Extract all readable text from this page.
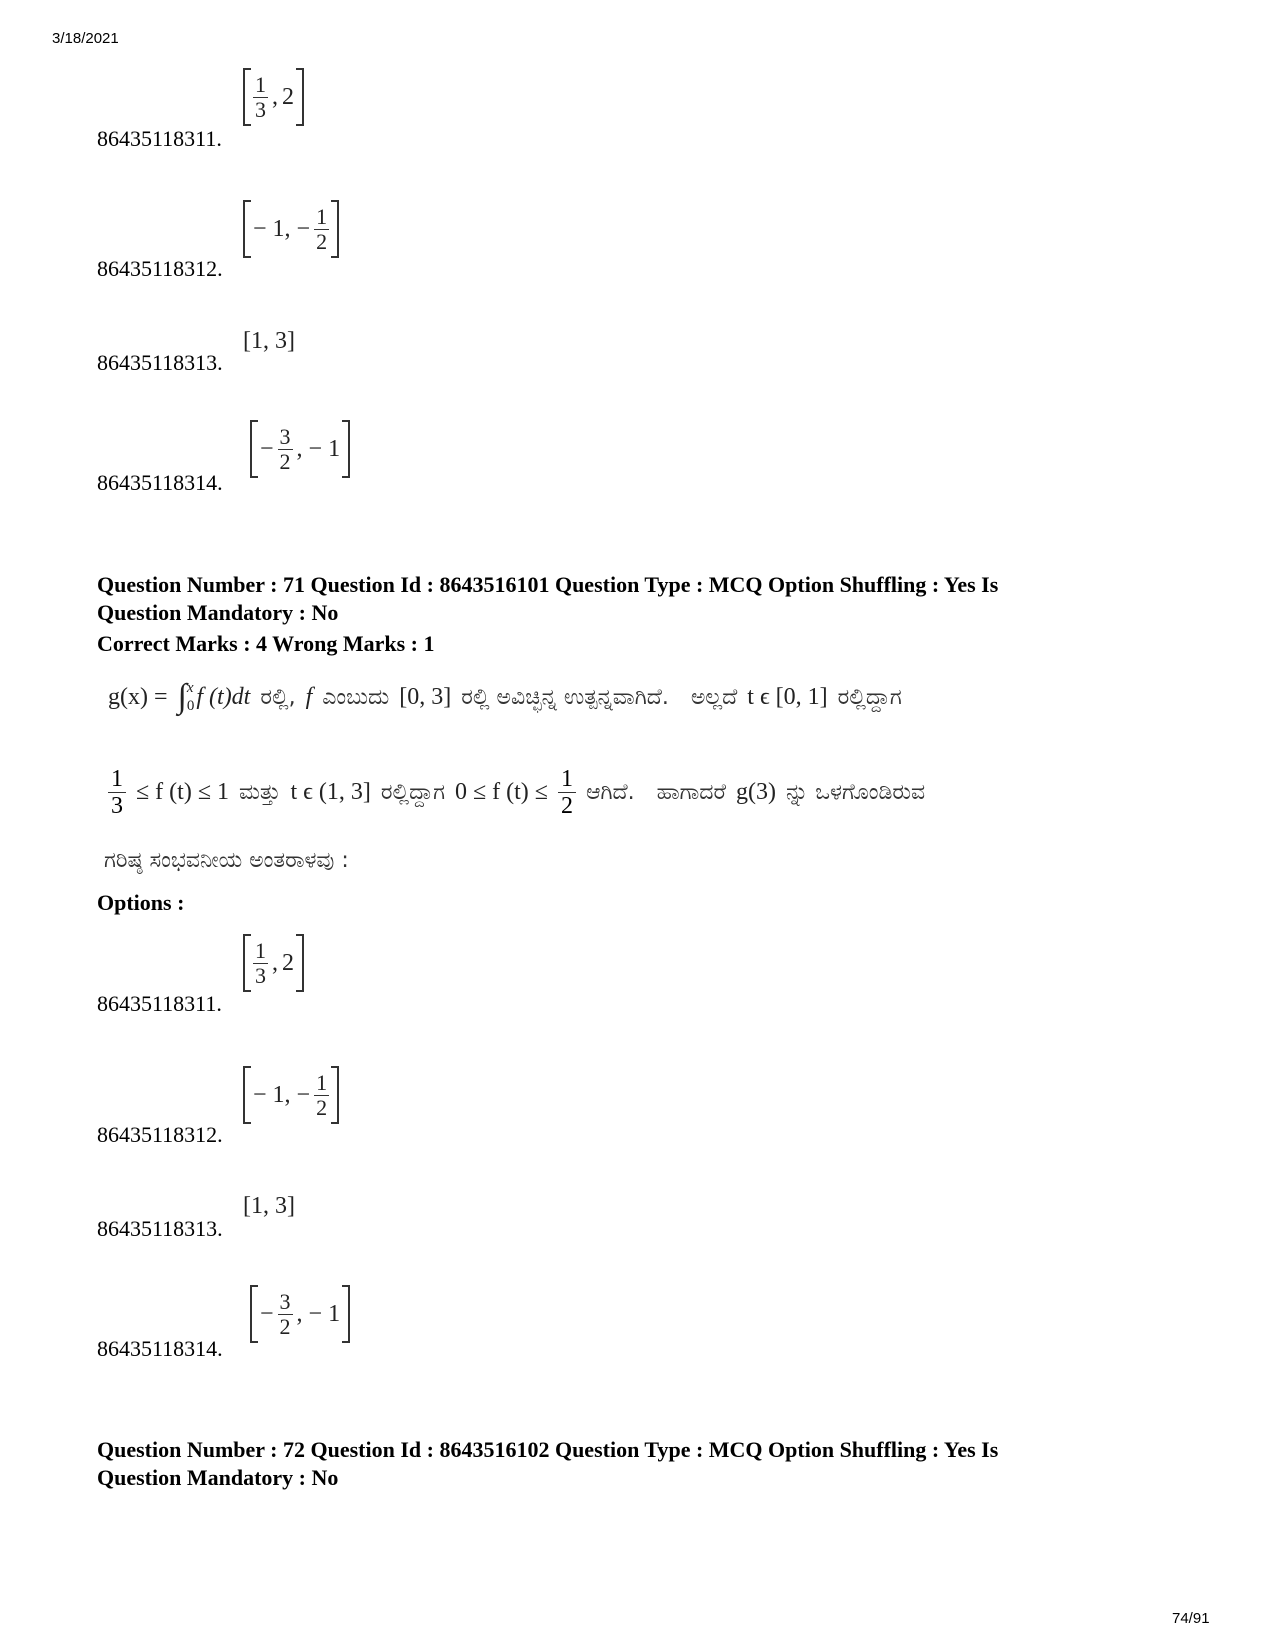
3/18/2021
$\frac{1}{3}$ , 2
86435118311.
− 1, − $\frac{1}{2}$
86435118312.
[1, 3]
86435118313.
− $\frac{3}{2}$ , − 1
86435118314.
Question Number : 71 Question Id : 8643516101 Question Type : MCQ Option Shuffling : Yes Is
Question Mandatory : No
Correct Marks : 4 Wrong Marks : 1
g(x) = ∫ x
0 f (t)dt ರಲ್ಲಿ, f ಎಂಬುದು [0, 3] ರಲ್ಲಿ ಅವಿಚ್ಛಿನ್ನ ಉತ್ಪನ್ನವಾಗಿದೆ. ಅಲ್ಲದೆ t ϵ [0, 1] ರಲ್ಲಿದ್ದಾಗ
$\frac{1}{3} \le f$ (t) ≤ 1 ಮತ್ತು t ϵ (1, 3] ರಲ್ಲಿದ್ದಾಗ 0 ≤ f $(t) \le \frac{1}{2}$ ಆಗಿದೆ. ಹಾಗಾದರೆ g(3) ನ್ನು ಒಳಗೊಂಡಿರುವ
ಗರಿಷ್ಠ ಸಂಭವನೀಯ ಅಂತರಾಳವು :
Options :
$\frac{1}{3}$ , 2
86435118311.
− 1, − $\frac{1}{2}$
86435118312.
[1, 3]
86435118313.
− $\frac{3}{2}$ , − 1
86435118314.
Question Number : 72 Question Id : 8643516102 Question Type : MCQ Option Shuffling : Yes Is
Question Mandatory : No
74/91
